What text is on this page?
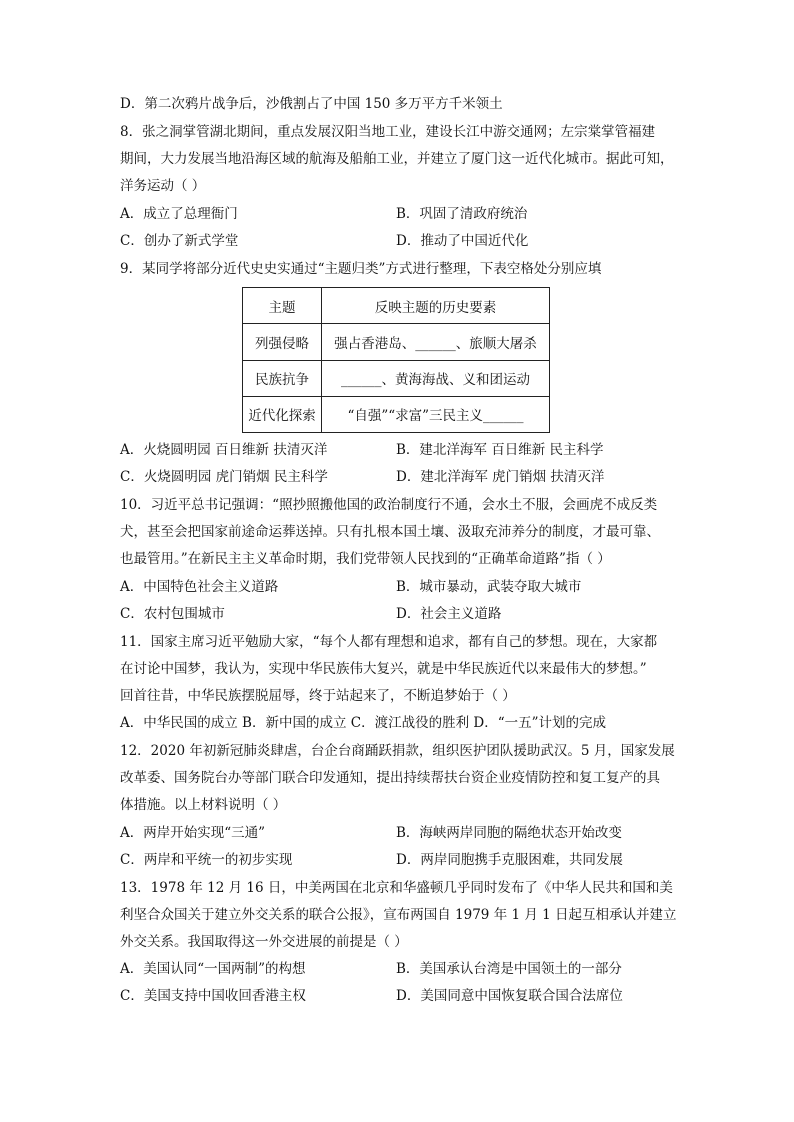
D．第二次鸦片战争后，沙俄割占了中国 150 多万平方千米领土
8．张之洞掌管湖北期间，重点发展汉阳当地工业，建设长江中游交通网；左宗棠掌管福建
期间，大力发展当地沿海区域的航海及船舶工业，并建立了厦门这一近代化城市。据此可知，
洋务运动（ ）
A．成立了总理衙门	B．巩固了清政府统治
C．创办了新式学堂	D．推动了中国近代化
9．某同学将部分近代史史实通过“主题归类”方式进行整理，下表空格处分别应填
主题	反映主题的历史要素
列强侵略	强占香港岛、______、旅顺大屠杀
民族抗争	______、黄海海战、义和团运动
近代化探索	“自强”“求富”三民主义______
A．火烧圆明园 百日维新 扶清灭洋	B．建北洋海军 百日维新 民主科学
C．火烧圆明园 虎门销烟 民主科学	D．建北洋海军 虎门销烟 扶清灭洋
10．习近平总书记强调：“照抄照搬他国的政治制度行不通，会水土不服，会画虎不成反类
犬，甚至会把国家前途命运葬送掉。只有扎根本国土壤、汲取充沛养分的制度，才最可靠、
也最管用。”在新民主主义革命时期，我们党带领人民找到的“正确革命道路”指（ ）
A．中国特色社会主义道路	B．城市暴动，武装夺取大城市
C．农村包围城市	D．社会主义道路
11．国家主席习近平勉励大家，“每个人都有理想和追求，都有自己的梦想。现在，大家都
在讨论中国梦，我认为，实现中华民族伟大复兴，就是中华民族近代以来最伟大的梦想。”
回首往昔，中华民族摆脱屈辱，终于站起来了，不断追梦始于（ ）
A．中华民国的成立 B．新中国的成立 C．渡江战役的胜利 D．“一五”计划的完成
12．2020 年初新冠肺炎肆虐，台企台商踊跃捐款，组织医护团队援助武汉。5 月，国家发展
改革委、国务院台办等部门联合印发通知，提出持续帮扶台资企业疫情防控和复工复产的具
体措施。以上材料说明（ ）
A．两岸开始实现“三通”	B．海峡两岸同胞的隔绝状态开始改变
C．两岸和平统一的初步实现	D．两岸同胞携手克服困难，共同发展
13．1978 年 12 月 16 日，中美两国在北京和华盛顿几乎同时发布了《中华人民共和国和美
利坚合众国关于建立外交关系的联合公报》，宣布两国自 1979 年 1 月 1 日起互相承认并建立
外交关系。我国取得这一外交进展的前提是（ ）
A．美国认同“一国两制”的构想	B．美国承认台湾是中国领土的一部分
C．美国支持中国收回香港主权	D．美国同意中国恢复联合国合法席位
